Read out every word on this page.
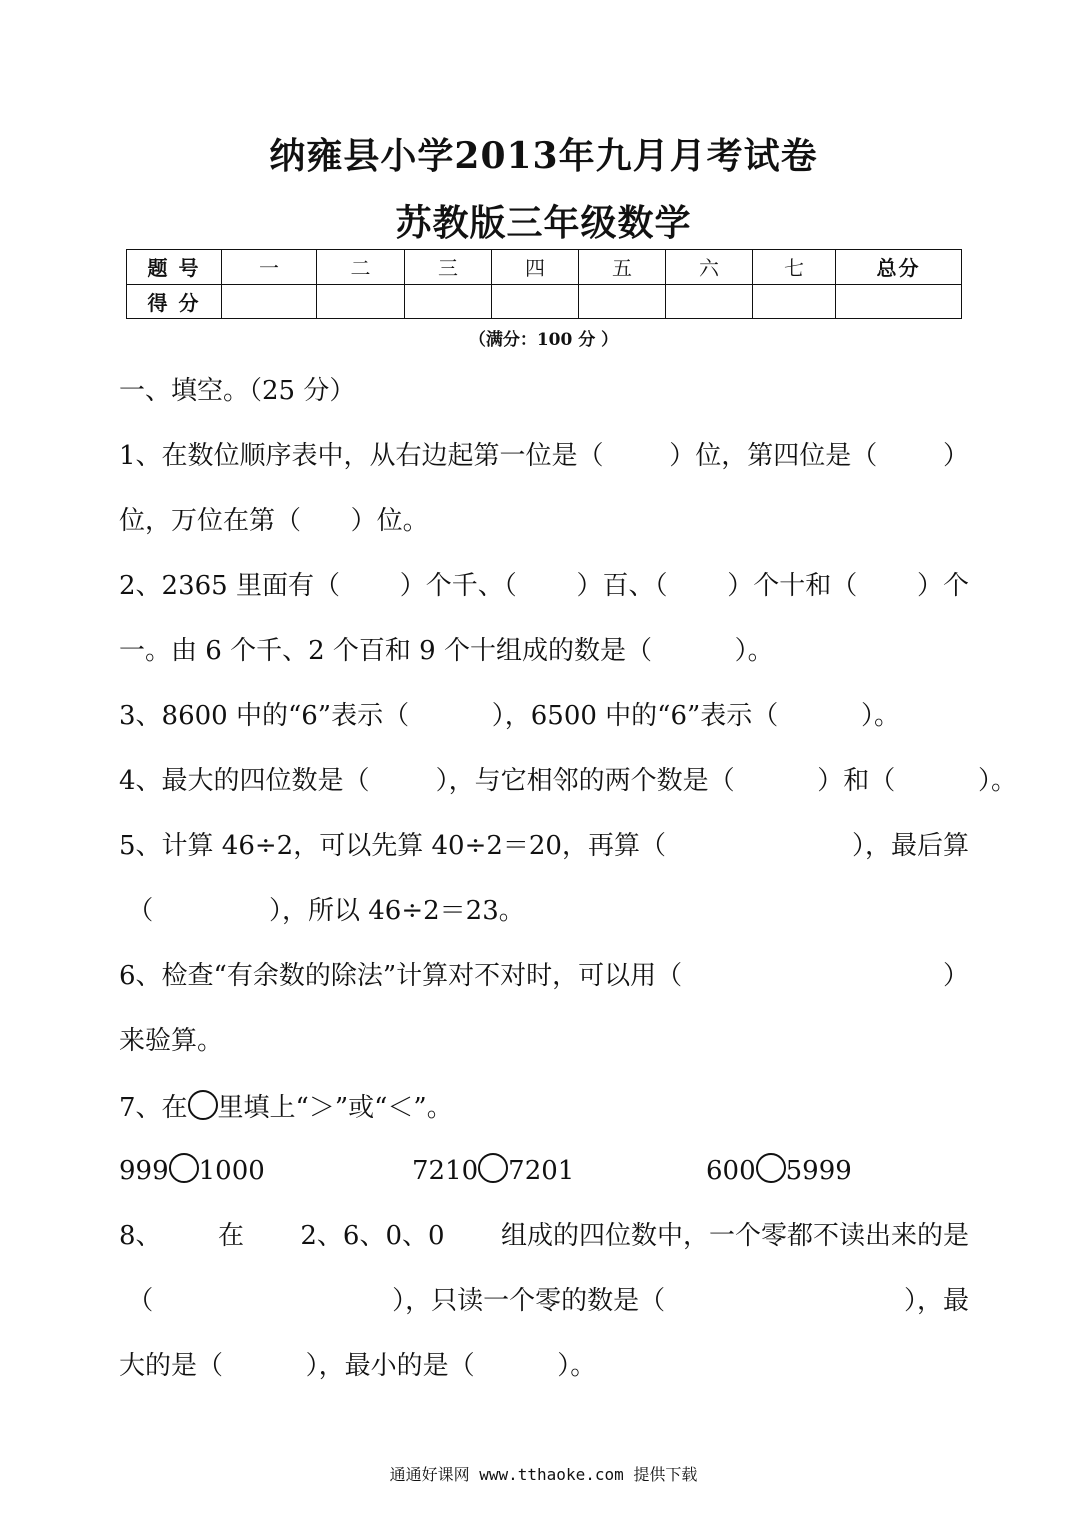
纳雍县小学2013年九月月考试卷
苏教版三年级数学
题 号	一	二	三	四	五	六	七	总分
得 分								
（满分：100 分 ）
一、填空。（25 分）
1、在数位顺序表中，从右边起第一位是（	）位，第四位是（	）
位，万位在第（      ）位。
2、2365 里面有（ ）个千、（ ）百、（ ）个十和（ ）个
一。由 6 个千、2 个百和 9 个十组成的数是（          ）。
3、8600 中的“6”表示（          ），6500 中的“6”表示（          ）。
4、最大的四位数是（        ），与它相邻的两个数是（          ）和（          ）。
5、计算 46÷2，可以先算 40÷2＝20，再算（	），最后算
（              ），所以 46÷2＝23。
6、检查“有余数的除法”计算对不对时，可以用（	）
来验算。
7、在 里填上“＞”或“＜”。
999 1000	7210 7201	600 5999
8、 在 2、6、0、0 组成的四位数中，一个零都不读出来的是
（	），只读一个零的数是（	），最
大的是（          ），最小的是（          ）。
通通好课网 www.tthaoke.com 提供下载
